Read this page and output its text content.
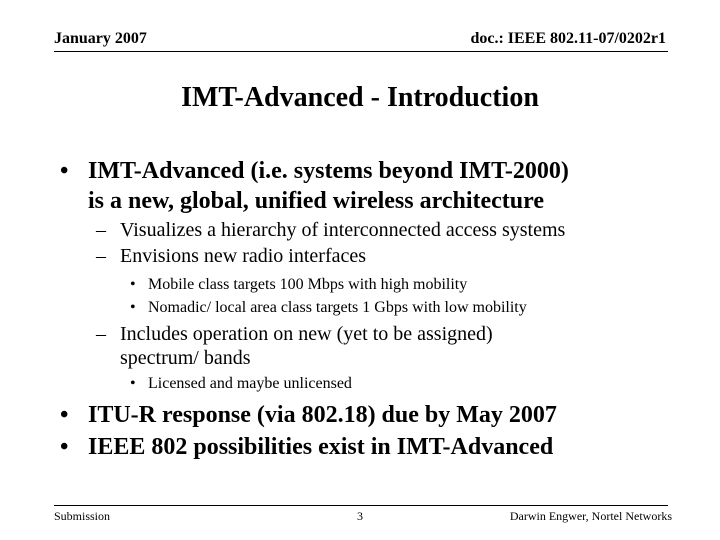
January 2007	doc.: IEEE 802.11-07/0202r1
IMT-Advanced - Introduction
• IMT-Advanced (i.e. systems beyond IMT-2000)
is a new, global, unified wireless architecture
– Visualizes a hierarchy of interconnected access systems
– Envisions new radio interfaces
• Mobile class targets 100 Mbps with high mobility
• Nomadic/ local area class targets 1 Gbps with low mobility
– Includes operation on new (yet to be assigned)
spectrum/ bands
• Licensed and maybe unlicensed
• ITU-R response (via 802.18) due by May 2007
• IEEE 802 possibilities exist in IMT-Advanced
Submission	3	Darwin Engwer, Nortel Networks
